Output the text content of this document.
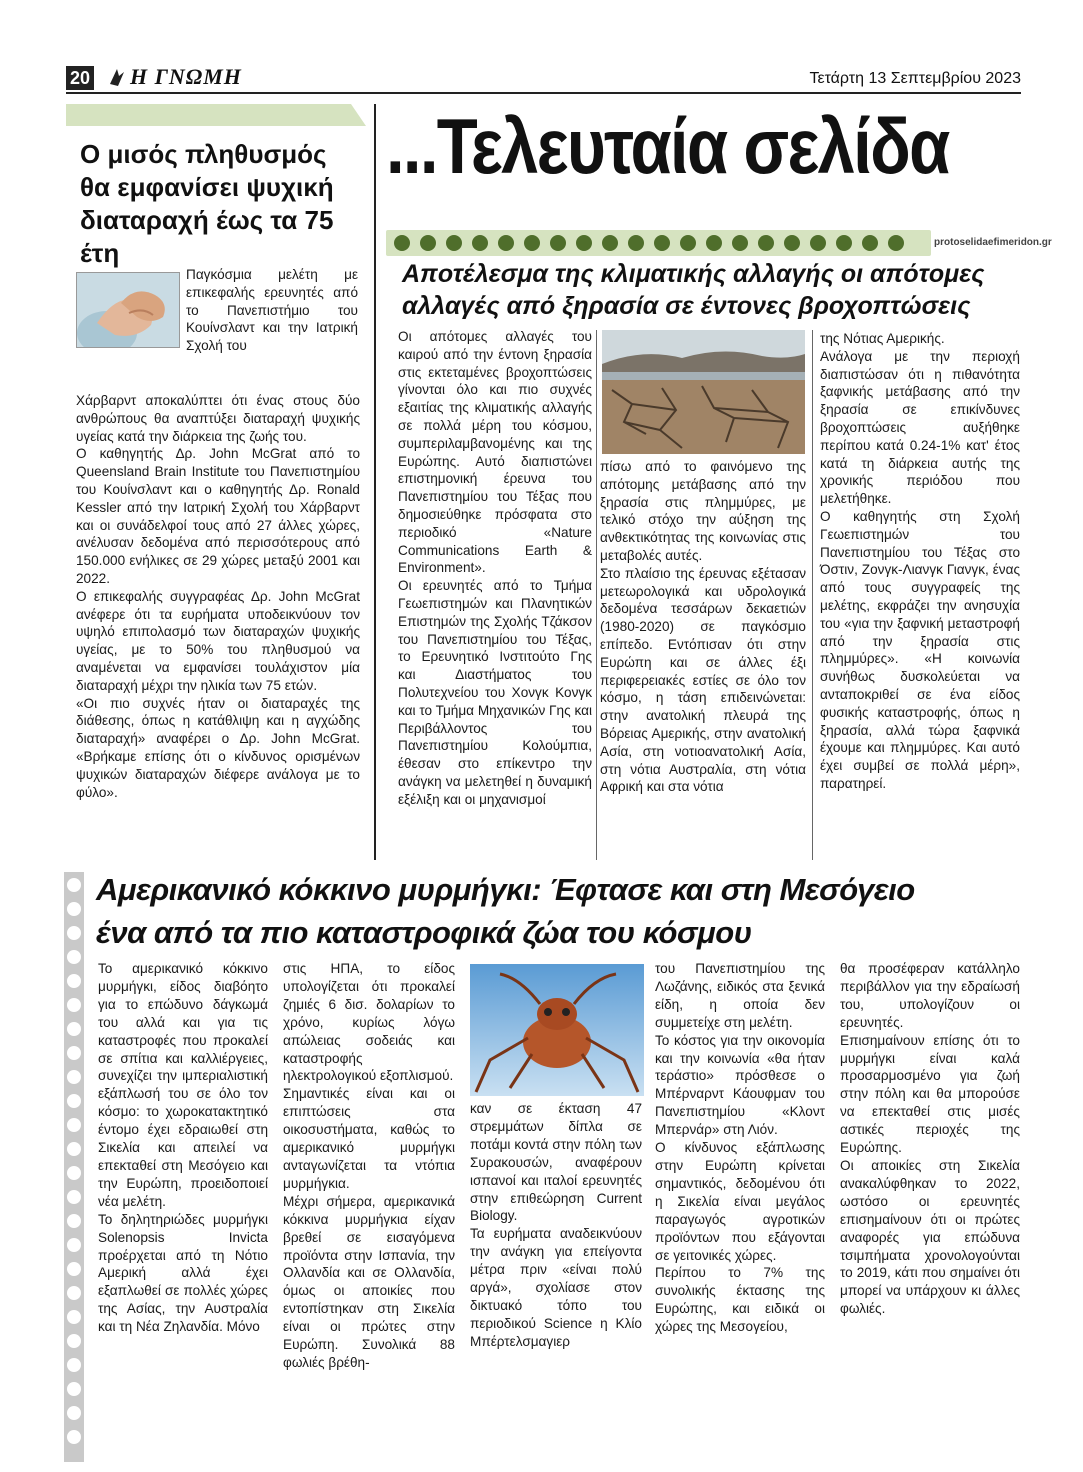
20 Η ΓΝΩΜΗ	Τετάρτη 13 Σεπτεμβρίου 2023
...Τελευταία σελίδα
protoselidaefimeridon.gr
Ο μισός πληθυσμός θα εμφανίσει ψυχική διαταραχή έως τα 75 έτη
Παγκόσμια μελέτη με επικεφαλής ερευνητές από το Πανεπιστήμιο του Κουίνσλαντ και την Ιατρική Σχολή του

Χάρβαρντ αποκαλύπτει ότι ένας στους δύο ανθρώπους θα αναπτύξει διαταραχή ψυχικής υγείας κατά την διάρκεια της ζωής του.

Ο καθηγητής Δρ. John McGrat από το Queensland Brain Institute του Πανεπιστημίου του Κουίνσλαντ και ο καθηγητής Δρ. Ronald Kessler από την Ιατρική Σχολή του Χάρβαρντ και οι συνάδελφοί τους από 27 άλλες χώρες, ανέλυσαν δεδομένα από περισσότερους από 150.000 ενήλικες σε 29 χώρες μεταξύ 2001 και 2022.

Ο επικεφαλής συγγραφέας Δρ. John McGrat ανέφερε ότι τα ευρήματα υποδεικνύουν τον υψηλό επιπολασμό των διαταραχών ψυχικής υγείας, με το 50% του πληθυσμού να αναμένεται να εμφανίσει τουλάχιστον μία διαταραχή μέχρι την ηλικία των 75 ετών.

«Οι πιο συχνές ήταν οι διαταραχές της διάθεσης, όπως η κατάθλιψη και η αγχώδης διαταραχή» αναφέρει ο Δρ. John McGrat. «Βρήκαμε επίσης ότι ο κίνδυνος ορισμένων ψυχικών διαταραχών διέφερε ανάλογα με το φύλο».

Αποτέλεσμα της κλιματικής αλλαγής οι απότομες αλλαγές από ξηρασία σε έντονες βροχοπτώσεις

Οι απότομες αλλαγές του καιρού από την έντονη ξηρασία στις εκτεταμένες βροχοπτώσεις γίνονται όλο και πιο συχνές εξαιτίας της κλιματικής αλλαγής σε πολλά μέρη του κόσμου, συμπεριλαμβανομένης και της Ευρώπης. Αυτό διαπιστώνει επιστημονική έρευνα του Πανεπιστημίου του Τέξας που δημοσιεύθηκε πρόσφατα στο περιοδικό «Nature Communications Earth & Environment».

Οι ερευνητές από το Τμήμα Γεωεπιστημών και Πλανητικών Επιστημών της Σχολής Τζάκσον του Πανεπιστημίου του Τέξας, το Ερευνητικό Ινστιτούτο Γης και Διαστήματος του Πολυτεχνείου του Χονγκ Κονγκ και το Τμήμα Μηχανικών Γης και Περιβάλλοντος του Πανεπιστημίου Κολούμπια, έθεσαν στο επίκεντρο την ανάγκη να μελετηθεί η δυναμική εξέλιξη και οι μηχανισμοί

πίσω από το φαινόμενο της απότομης μετάβασης από την ξηρασία στις πλημμύρες, με τελικό στόχο την αύξηση της ανθεκτικότητας της κοινωνίας στις μεταβολές αυτές.

Στο πλαίσιο της έρευνας εξέτασαν μετεωρολογικά και υδρολογικά δεδομένα τεσσάρων δεκαετιών (1980-2020) σε παγκόσμιο επίπεδο. Εντόπισαν ότι στην Ευρώπη και σε άλλες έξι περιφερειακές εστίες σε όλο τον κόσμο, η τάση επιδεινώνεται: στην ανατολική πλευρά της Βόρειας Αμερικής, στην ανατολική Ασία, στη νοτιοανατολική Ασία, στη νότια Αυστραλία, στη νότια Αφρική και στα νότια

της Νότιας Αμερικής.

Ανάλογα με την περιοχή διαπιστώσαν ότι η πιθανότητα ξαφνικής μετάβασης από την ξηρασία σε επικίνδυνες βροχοπτώσεις αυξήθηκε περίπου κατά 0.24-1% κατ' έτος κατά τη διάρκεια αυτής της χρονικής περιόδου που μελετήθηκε.

Ο καθηγητής στη Σχολή Γεωεπιστημών του Πανεπιστημίου του Τέξας στο Όστιν, Ζονγκ-Λιανγκ Γιανγκ, ένας από τους συγγραφείς της μελέτης, εκφράζει την ανησυχία του «για την ξαφνική μεταστροφή από την ξηρασία στις πλημμύρες». «Η κοινωνία συνήθως δυσκολεύεται να ανταποκριθεί σε ένα είδος φυσικής καταστροφής, όπως η ξηρασία, αλλά τώρα ξαφνικά έχουμε και πλημμύρες. Και αυτό έχει συμβεί σε πολλά μέρη», παρατηρεί.

Αμερικανικό κόκκινο μυρμήγκι: Έφτασε και στη Μεσόγειο
ένα από τα πιο καταστροφικά ζώα του κόσμου

Το αμερικανικό κόκκινο μυρμήγκι, είδος διαβόητο για το επώδυνο δάγκωμά του αλλά και για τις καταστροφές που προκαλεί σε σπίτια και καλλιέργειες, συνεχίζει την ιμπεριαλιστική εξάπλωσή του σε όλο τον κόσμο: το χωροκατακτητικό έντομο έχει εδραιωθεί στη Σικελία και απειλεί να επεκταθεί στη Μεσόγειο και την Ευρώπη, προειδοποιεί νέα μελέτη.

Το δηλητηριώδες μυρμήγκι Solenopsis Invicta προέρχεται από τη Νότιο Αμερική αλλά έχει εξαπλωθεί σε πολλές χώρες της Ασίας, την Αυστραλία και τη Νέα Ζηλανδία. Μόνο

στις ΗΠΑ, το είδος υπολογίζεται ότι προκαλεί ζημιές 6 δισ. δολαρίων το χρόνο, κυρίως λόγω απώλειας σοδειάς και καταστροφής ηλεκτρολογικού εξοπλισμού.

Σημαντικές είναι και οι επιπτώσεις στα οικοσυστήματα, καθώς το αμερικανικό μυρμήγκι ανταγωνίζεται τα ντόπια μυρμήγκια.

Μέχρι σήμερα, αμερικανικά κόκκινα μυρμήγκια είχαν βρεθεί σε εισαγόμενα προϊόντα στην Ισπανία, την Ολλανδία και σε Ολλανδία, όμως οι αποικίες που εντοπίστηκαν στη Σικελία είναι οι πρώτες στην Ευρώπη. Συνολικά 88 φωλιές βρέθη-

καν σε έκταση 47 στρεμμάτων δίπλα σε ποτάμι κοντά στην πόλη των Συρακουσών, αναφέρουν ισπανοί και ιταλοί ερευνητές στην επιθεώρηση Current Biology.

Τα ευρήματα αναδεικνύουν την ανάγκη για επείγοντα μέτρα πριν «είναι πολύ αργά», σχολίασε στον δικτυακό τόπο του περιοδικού Science η Κλίο Μπέρτελσμαγιερ

του Πανεπιστημίου της Λωζάνης, ειδικός στα ξενικά είδη, η οποία δεν συμμετείχε στη μελέτη.

Το κόστος για την οικονομία και την κοινωνία «θα ήταν τεράστιο» πρόσθεσε ο Μπέρναρντ Κάουφμαν του Πανεπιστημίου «Κλοντ Μπερνάρ» στη Λιόν.

Ο κίνδυνος εξάπλωσης στην Ευρώπη κρίνεται σημαντικός, δεδομένου ότι η Σικελία είναι μεγάλος παραγωγός αγροτικών προϊόντων που εξάγονται σε γειτονικές χώρες.

Περίπου το 7% της συνολικής έκτασης της Ευρώπης, και ειδικά οι χώρες της Μεσογείου,

θα προσέφεραν κατάλληλο περιβάλλον για την εδραίωσή του, υπολογίζουν οι ερευνητές.

Επισημαίνουν επίσης ότι το μυρμήγκι είναι καλά προσαρμοσμένο για ζωή στην πόλη και θα μπορούσε να επεκταθεί στις μισές αστικές περιοχές της Ευρώπης.

Οι αποικίες στη Σικελία ανακαλύφθηκαν το 2022, ωστόσο οι ερευνητές επισημαίνουν ότι οι πρώτες αναφορές για επώδυνα τσιμπήματα χρονολογούνται το 2019, κάτι που σημαίνει ότι μπορεί να υπάρχουν κι άλλες φωλιές.
